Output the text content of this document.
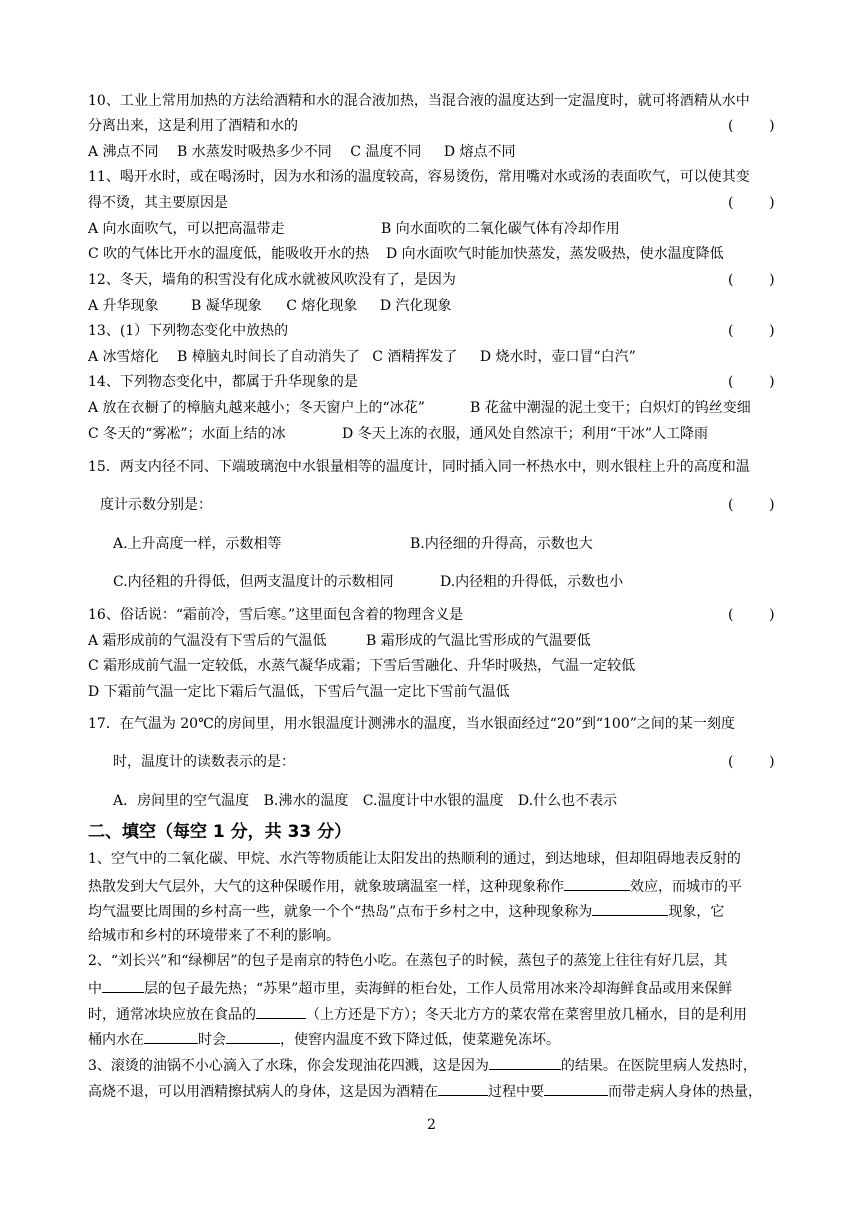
10、工业上常用加热的方法给酒精和水的混合液加热，当混合液的温度达到一定温度时，就可将酒精从水中
分离出来，这是利用了酒精和水的	(        )
A 沸点不同 B 水蒸发时吸热多少不同 C 温度不同 D 熔点不同
11、喝开水时，或在喝汤时，因为水和汤的温度较高，容易烫伤，常用嘴对水或汤的表面吹气，可以使其变
得不烫，其主要原因是	(        )
A 向水面吹气，可以把高温带走	B 向水面吹的二氧化碳气体有冷却作用
C 吹的气体比开水的温度低，能吸收开水的热 D 向水面吹气时能加快蒸发，蒸发吸热，使水温度降低
12、冬天，墙角的积雪没有化成水就被风吹没有了，是因为	(        )
A 升华现象 B 凝华现象 C 熔化现象 D 汽化现象
13、(1）下列物态变化中放热的	(        )
A 冰雪熔化 B 樟脑丸时间长了自动消失了 C 酒精挥发了 D 烧水时，壶口冒“白汽”
14、下列物态变化中，都属于升华现象的是	(        )
A 放在衣橱了的樟脑丸越来越小；冬天窗户上的“冰花”	B 花盆中潮湿的泥土变干；白炽灯的钨丝变细
C 冬天的“雾凇”；水面上结的冰	D 冬天上冻的衣服，通风处自然凉干；利用“干冰”人工降雨
15．两支内径不同、下端玻璃泡中水银量相等的温度计，同时插入同一杯热水中，则水银柱上升的高度和温
度计示数分别是：	(        )
A.上升高度一样，示数相等	B.内径细的升得高，示数也大
C.内径粗的升得低，但两支温度计的示数相同	D.内径粗的升得低，示数也小
16、俗话说：“霜前冷，雪后寒。”这里面包含着的物理含义是	(        )
A 霜形成前的气温没有下雪后的气温低	B 霜形成的气温比雪形成的气温要低
C 霜形成前气温一定较低，水蒸气凝华成霜；下雪后雪融化、升华时吸热，气温一定较低
D 下霜前气温一定比下霜后气温低，下雪后气温一定比下雪前气温低
17．在气温为 20℃的房间里，用水银温度计测沸水的温度，当水银面经过“20”到“100”之间的某一刻度
时，温度计的读数表示的是：	(        )
A．房间里的空气温度 B.沸水的温度 C.温度计中水银的温度 D.什么也不表示
二、填空（每空 1 分，共 33 分）
1、空气中的二氧化碳、甲烷、水汽等物质能让太阳发出的热顺利的通过，到达地球，但却阻碍地表反射的
热散发到大气层外，大气的这种保暖作用，就象玻璃温室一样，这种现象称作	效应，而城市的平
均气温要比周围的乡村高一些，就象一个个“热岛”点布于乡村之中，这种现象称为	现象，它
给城市和乡村的环境带来了不利的影响。
2、“刘长兴”和“绿柳居”的包子是南京的特色小吃。在蒸包子的时候，蒸包子的蒸笼上往往有好几层，其
中	层的包子最先热；“苏果”超市里，卖海鲜的柜台处，工作人员常用冰来冷却海鲜食品或用来保鲜
时，通常冰块应放在食品的	（上方还是下方）；冬天北方方的菜农常在菜窖里放几桶水，目的是利用
桶内水在	时会	，使窖内温度不致下降过低，使菜避免冻坏。
3、滚烫的油锅不小心滴入了水珠，你会发现油花四溅，这是因为	的结果。在医院里病人发热时，
高烧不退，可以用酒精擦拭病人的身体，这是因为酒精在	过程中要	而带走病人身体的热量，
2
